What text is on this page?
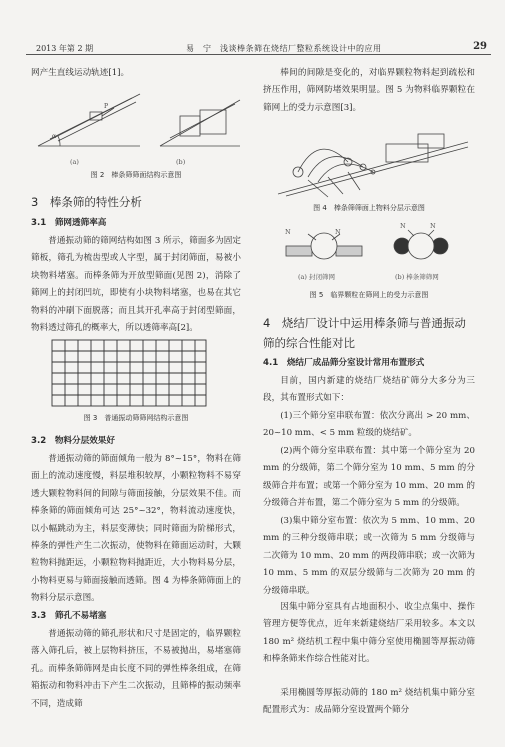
2013 年第 2 期	易　宁　浅谈棒条筛在烧结厂整粒系统设计中的应用	29
网产生直线运动轨迹[1]。
α
P
(a)	(b)
图 2　棒条筛筛面结构示意图
3　棒条筛的特性分析
3.1　筛网透筛率高
普通振动筛的筛网结构如图 3 所示，筛面多为固定筛板，筛孔为梳齿型或人字型，属于封闭筛面，易被小块物料堵塞。而棒条筛为开放型筛面(见图 2)，消除了筛网上的封闭凹坑，即使有小块物料堵塞，也易在其它物料的冲刷下面脱落；而且其开孔率高于封闭型筛面，物料透过筛孔的概率大，所以透筛率高[2]。
图 3　普通振动筛筛网结构示意图
3.2　物料分层效果好
普通振动筛的筛面倾角一般为 8°~15°，物料在筛面上的流动速度慢，料层堆积较厚，小颗粒物料不易穿透大颗粒物料间的间隙与筛面接触，分层效果不佳。而棒条筛的筛面倾角可达 25°~32°，物料流动速度快，以小幅跳动为主，料层变薄快；同时筛面为阶梯形式，棒条的弹性产生二次振动，使物料在筛面运动时，大颗粒物料抛距远，小颗粒物料抛距近，大小物料易分层，小物料更易与筛面接触而透筛。图 4 为棒条筛筛面上的物料分层示意图。
3.3　筛孔不易堵塞
普通振动筛的筛孔形状和尺寸是固定的，临界颗粒落入筛孔后，被上层物料挤压，不易被抛出，易堵塞筛孔。而棒条筛筛网是由长度不同的弹性棒条组成，在筛箱振动和物料冲击下产生二次振动，且筛棒的振动频率不同，造成筛
棒间的间隙是变化的，对临界颗粒物料起到疏松和挤压作用，筛网防堵效果明显。图 5 为物料临界颗粒在筛网上的受力示意图[3]。
图 4　棒条筛筛面上物料分层示意图
N	N
N	N
(a) 封闭筛网	(b) 棒条筛筛网
图 5　临界颗粒在筛网上的受力示意图
4　烧结厂设计中运用棒条筛与普通振动筛的综合性能对比
4.1　烧结厂成品筛分室设计常用布置形式
目前，国内新建的烧结厂烧结矿筛分大多分为三段，其布置形式如下：
(1)三个筛分室串联布置：依次分离出 > 20 mm、20~10 mm、< 5 mm 粒级的烧结矿。
(2)两个筛分室串联布置：其中第一个筛分室为 20 mm 的分级筛，第二个筛分室为 10 mm、5 mm 的分级筛合并布置；或第一个筛分室为 10 mm、20 mm 的分级筛合并布置，第二个筛分室为 5 mm 的分级筛。
(3)集中筛分室布置：依次为 5 mm、10 mm、20 mm 的三种分级筛串联；或一次筛为 5 mm 分级筛与二次筛为 10 mm、20 mm 的两段筛串联；或一次筛为 10 mm、5 mm 的双层分级筛与二次筛为 20 mm 的分级筛串联。
因集中筛分室具有占地面积小、收尘点集中、操作管理方便等优点，近年来新建烧结厂采用较多。本文以 180 m² 烧结机工程中集中筛分室使用椭圆等厚振动筛和棒条筛来作综合性能对比。
采用椭圆等厚振动筛的 180 m² 烧结机集中筛分室配置形式为：成品筛分室设置两个筛分
